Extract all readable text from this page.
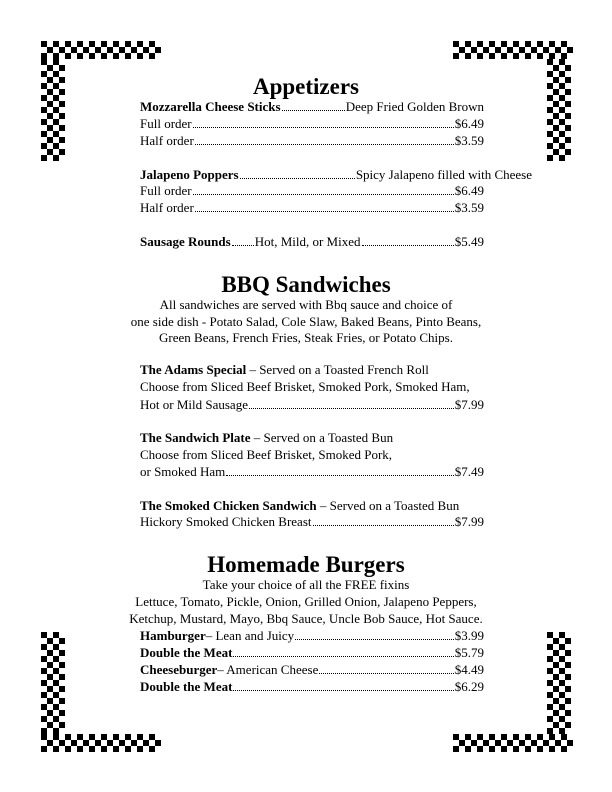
Appetizers
Mozzarella Cheese Sticks	Deep Fried Golden Brown
Full order	$6.49
Half order	$3.59
Jalapeno Poppers	Spicy Jalapeno filled with Cheese
Full order	$6.49
Half order	$3.59
Sausage Rounds Hot, Mild, or Mixed	$5.49
BBQ Sandwiches
All sandwiches are served with Bbq sauce and choice of
one side dish - Potato Salad, Cole Slaw, Baked Beans, Pinto Beans,
Green Beans, French Fries, Steak Fries, or Potato Chips.
The Adams Special – Served on a Toasted French Roll
Choose from Sliced Beef Brisket, Smoked Pork, Smoked Ham,
Hot or Mild Sausage	$7.99
The Sandwich Plate – Served on a Toasted Bun
Choose from Sliced Beef Brisket, Smoked Pork,
or Smoked Ham	$7.49
The Smoked Chicken Sandwich – Served on a Toasted Bun
Hickory Smoked Chicken Breast	$7.99
Homemade Burgers
Take your choice of all the FREE fixins
Lettuce, Tomato, Pickle, Onion, Grilled Onion, Jalapeno Peppers,
Ketchup, Mustard, Mayo, Bbq Sauce, Uncle Bob Sauce, Hot Sauce.
Hamburger – Lean and Juicy	$3.99
Double the Meat	$5.79
Cheeseburger – American Cheese	$4.49
Double the Meat	$6.29
